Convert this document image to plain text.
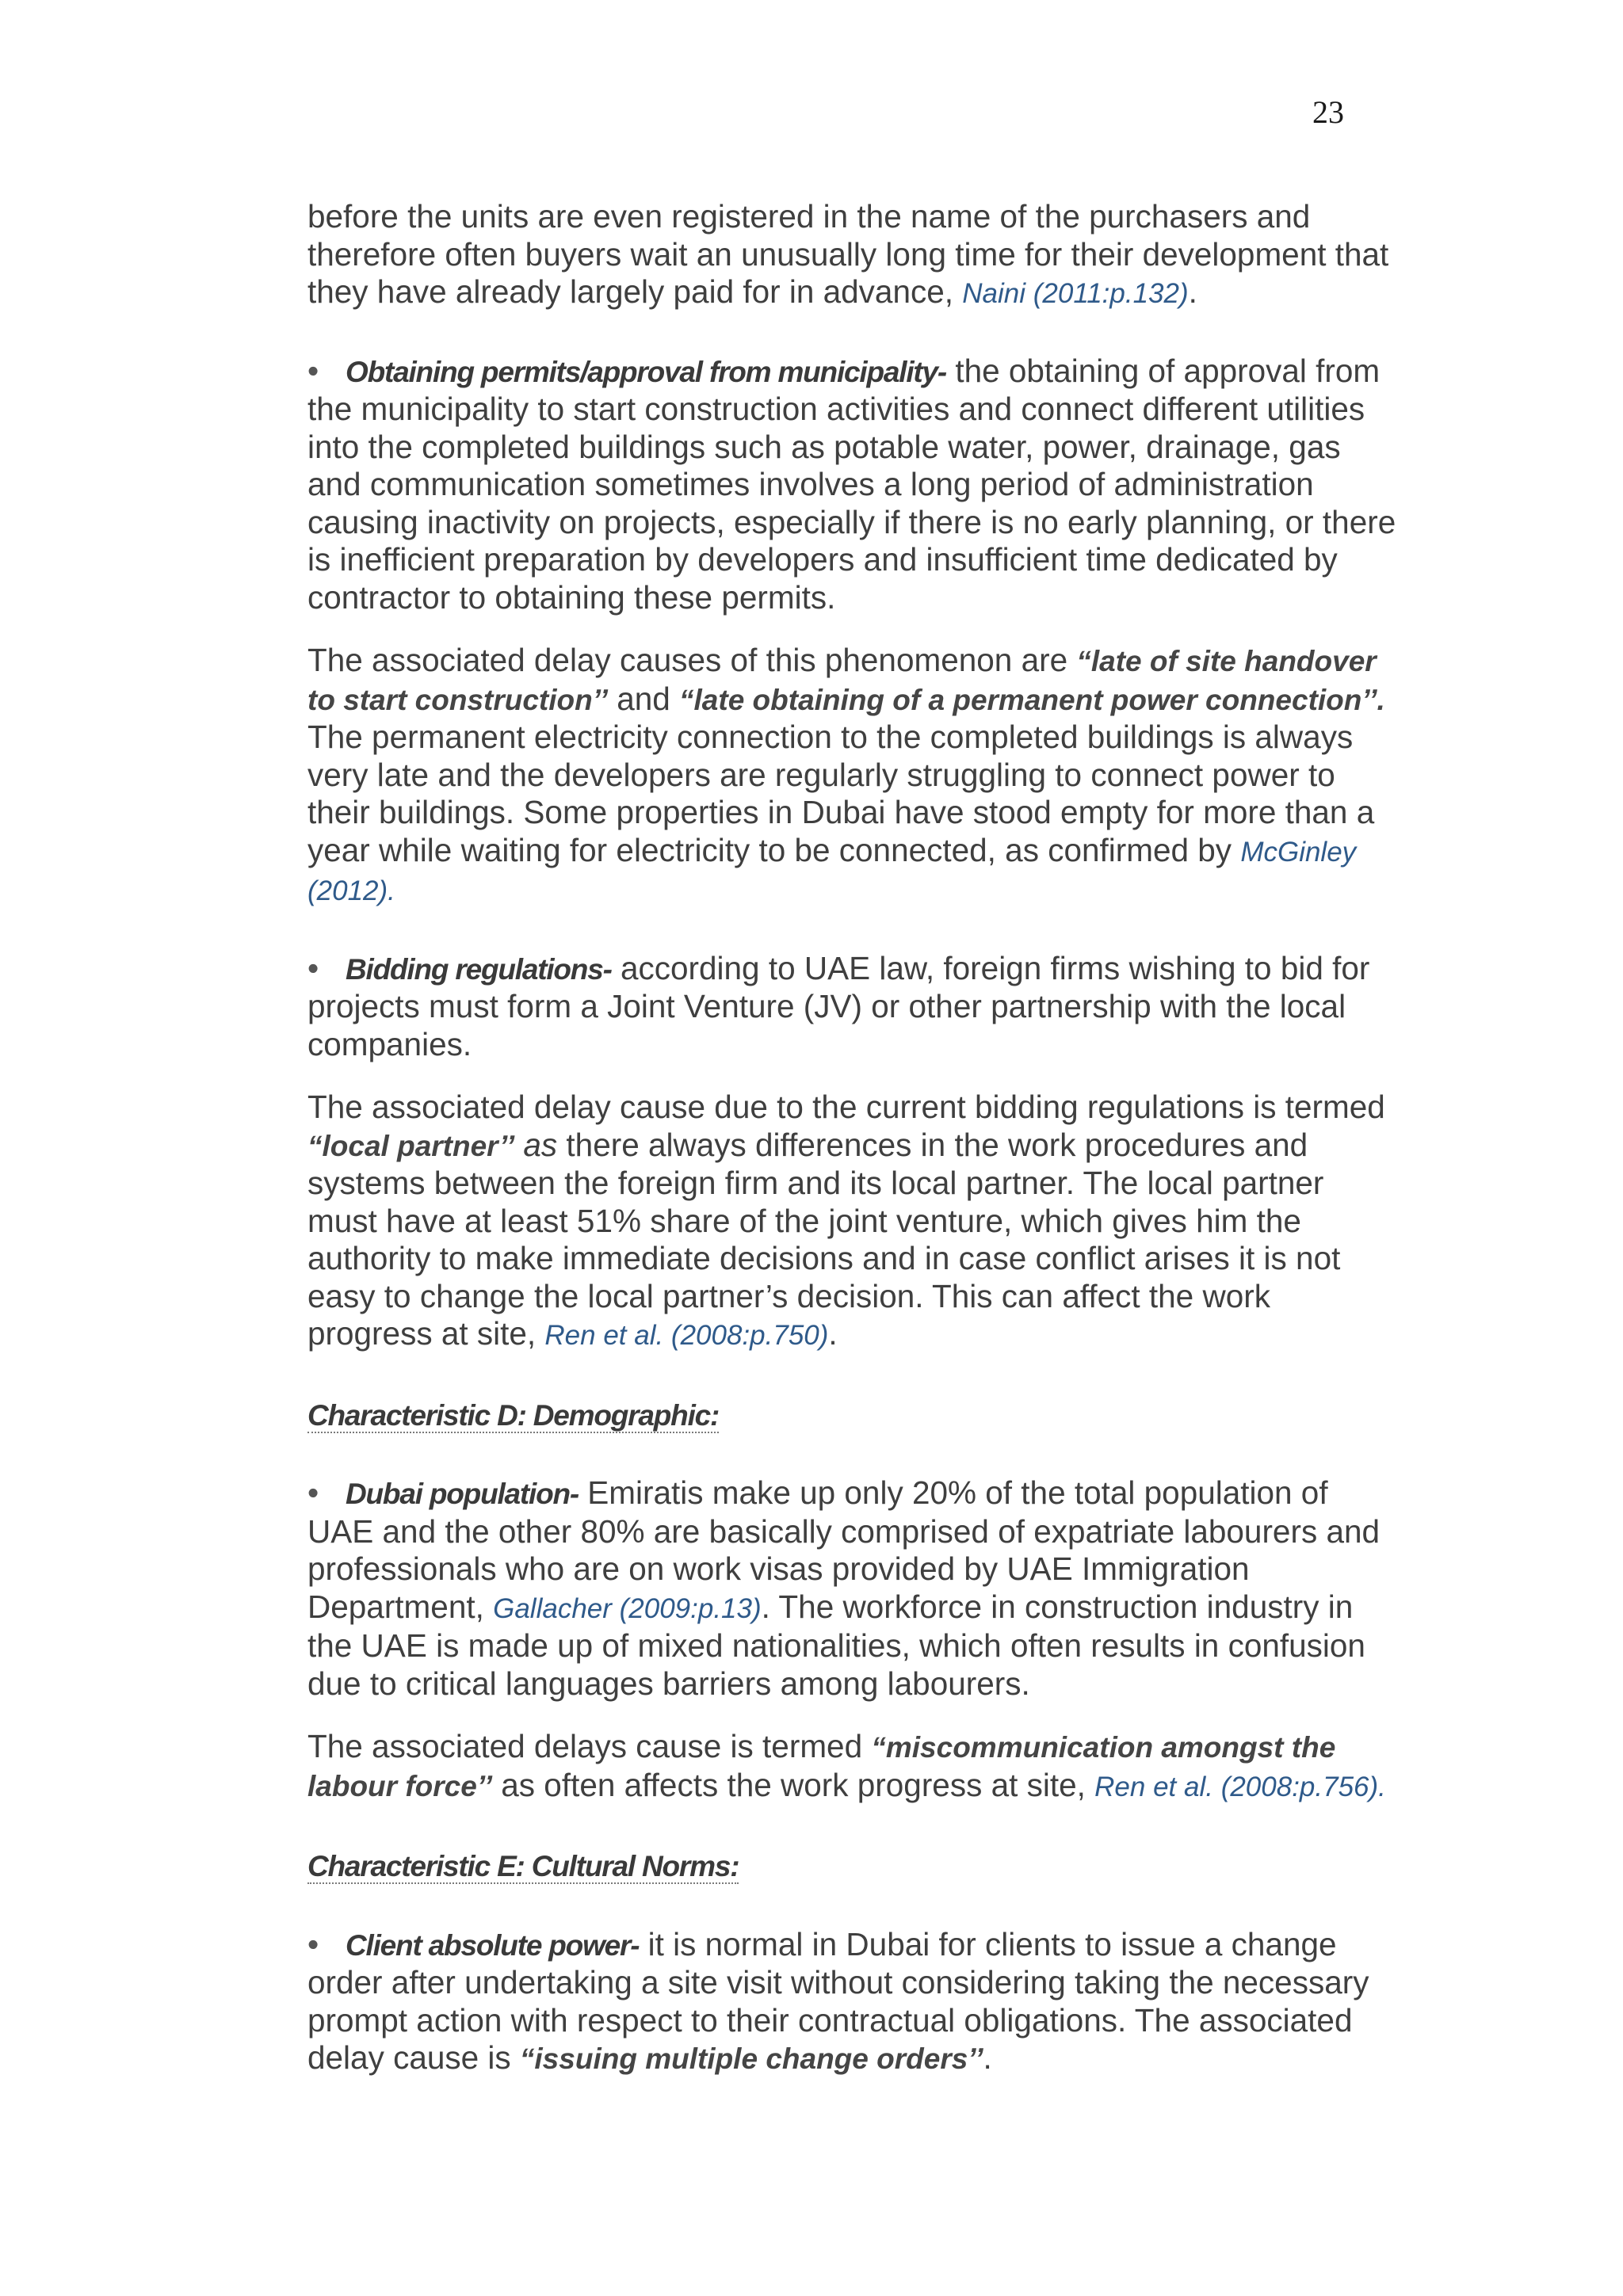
23

before the units are even registered in the name of the purchasers and therefore often buyers wait an unusually long time for their development that they have already largely paid for in advance, Naini (2011:p.132).

• Obtaining permits/approval from municipality- the obtaining of approval from the municipality to start construction activities and connect different utilities into the completed buildings such as potable water, power, drainage, gas and communication sometimes involves a long period of administration causing inactivity on projects, especially if there is no early planning, or there is inefficient preparation by developers and insufficient time dedicated by contractor to obtaining these permits.

The associated delay causes of this phenomenon are “late of site handover to start construction’’ and “late obtaining of a permanent power connection’’. The permanent electricity connection to the completed buildings is always very late and the developers are regularly struggling to connect power to their buildings. Some properties in Dubai have stood empty for more than a year while waiting for electricity to be connected, as confirmed by McGinley (2012).

• Bidding regulations- according to UAE law, foreign firms wishing to bid for projects must form a Joint Venture (JV) or other partnership with the local companies.

The associated delay cause due to the current bidding regulations is termed “local partner’’ as there always differences in the work procedures and systems between the foreign firm and its local partner. The local partner must have at least 51% share of the joint venture, which gives him the authority to make immediate decisions and in case conflict arises it is not easy to change the local partner’s decision. This can affect the work progress at site, Ren et al. (2008:p.750).

Characteristic D: Demographic:

• Dubai population- Emiratis make up only 20% of the total population of UAE and the other 80% are basically comprised of expatriate labourers and professionals who are on work visas provided by UAE Immigration Department, Gallacher (2009:p.13). The workforce in construction industry in the UAE is made up of mixed nationalities, which often results in confusion due to critical languages barriers among labourers.

The associated delays cause is termed “miscommunication amongst the labour force’’ as often affects the work progress at site, Ren et al. (2008:p.756).

Characteristic E: Cultural Norms:

• Client absolute power- it is normal in Dubai for clients to issue a change order after undertaking a site visit without considering taking the necessary prompt action with respect to their contractual obligations. The associated delay cause is “issuing multiple change orders’’.
